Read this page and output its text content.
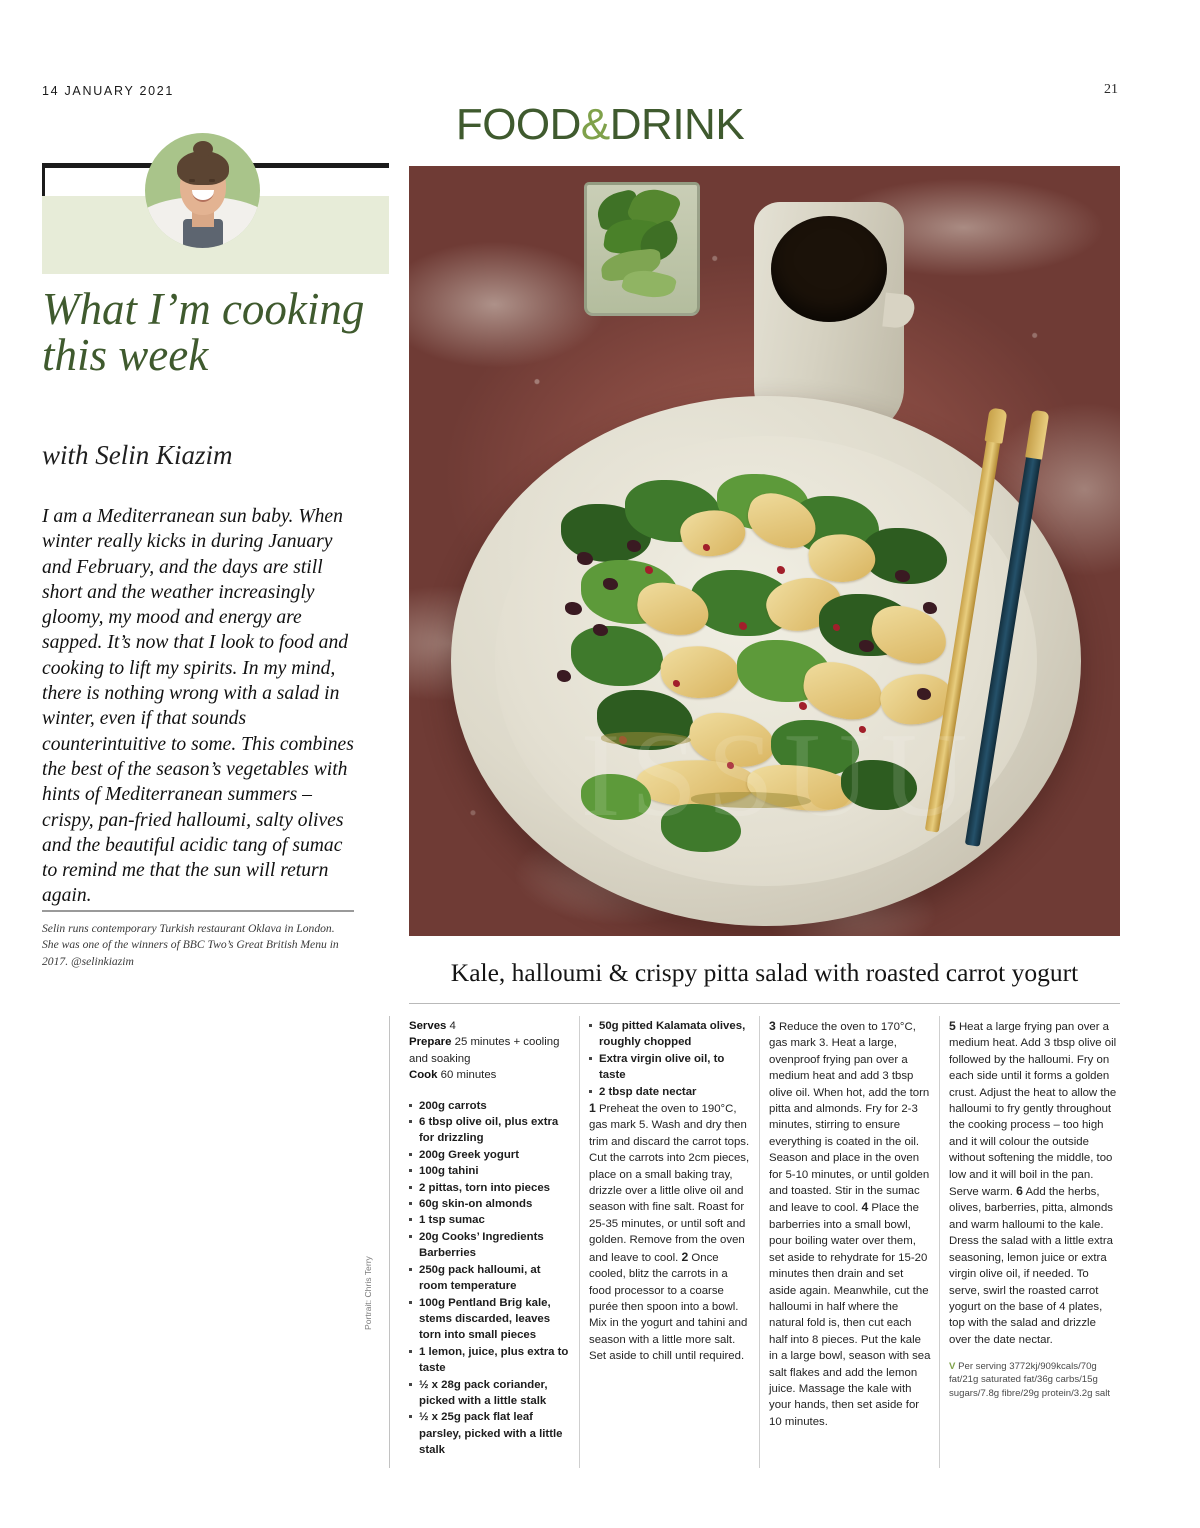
14 JANUARY 2021	21
FOOD&DRINK
What I’m cooking this week
with Selin Kiazim
I am a Mediterranean sun baby. When winter really kicks in during January and February, and the days are still short and the weather increasingly gloomy, my mood and energy are sapped. It’s now that I look to food and cooking to lift my spirits. In my mind, there is nothing wrong with a salad in winter, even if that sounds counterintuitive to some. This combines the best of the season’s vegetables with hints of Mediterranean summers – crispy, pan-fried halloumi, salty olives and the beautiful acidic tang of sumac to remind me that the sun will return again.
Selin runs contemporary Turkish restaurant Oklava in London. She was one of the winners of BBC Two’s Great British Menu in 2017. @selinkiazim	Kale, halloumi & crispy pitta salad with roasted carrot yogurt

Serves 4
Prepare 25 minutes + cooling and soaking
Cook 60 minutes

200g carrots
6 tbsp olive oil, plus extra for drizzling
200g Greek yogurt
100g tahini
2 pittas, torn into pieces
60g skin-on almonds
1 tsp sumac
20g Cooks’ Ingredients Barberries
250g pack halloumi, at room temperature
100g Pentland Brig kale, stems discarded, leaves torn into small pieces
1 lemon, juice, plus extra to taste
½ x 28g pack coriander, picked with a little stalk
½ x 25g pack flat leaf parsley, picked with a little stalk
50g pitted Kalamata olives, roughly chopped
Extra virgin olive oil, to taste
2 tbsp date nectar

1 Preheat the oven to 190°C, gas mark 5. Wash and dry then trim and discard the carrot tops. Cut the carrots into 2cm pieces, place on a small baking tray, drizzle over a little olive oil and season with fine salt. Roast for 25-35 minutes, or until soft and golden. Remove from the oven and leave to cool. 2 Once cooled, blitz the carrots in a food processor to a coarse purée then spoon into a bowl. Mix in the yogurt and tahini and season with a little more salt. Set aside to chill until required.

3 Reduce the oven to 170°C, gas mark 3. Heat a large, ovenproof frying pan over a medium heat and add 3 tbsp olive oil. When hot, add the torn pitta and almonds. Fry for 2-3 minutes, stirring to ensure everything is coated in the oil. Season and place in the oven for 5-10 minutes, or until golden and toasted. Stir in the sumac and leave to cool. 4 Place the barberries into a small bowl, pour boiling water over them, set aside to rehydrate for 15-20 minutes then drain and set aside again. Meanwhile, cut the halloumi in half where the natural fold is, then cut each half into 8 pieces. Put the kale in a large bowl, season with sea salt flakes and add the lemon juice. Massage the kale with your hands, then set aside for 10 minutes.

5 Heat a large frying pan over a medium heat. Add 3 tbsp olive oil followed by the halloumi. Fry on each side until it forms a golden crust. Adjust the heat to allow the halloumi to fry gently throughout the cooking process – too high and it will colour the outside without softening the middle, too low and it will boil in the pan. Serve warm. 6 Add the herbs, olives, barberries, pitta, almonds and warm halloumi to the kale. Dress the salad with a little extra seasoning, lemon juice or extra virgin olive oil, if needed. To serve, swirl the roasted carrot yogurt on the base of 4 plates, top with the salad and drizzle over the date nectar.

V Per serving 3772kj/909kcals/70g fat/21g saturated fat/36g carbs/15g sugars/7.8g fibre/29g protein/3.2g salt

Portrait: Chris Terry
